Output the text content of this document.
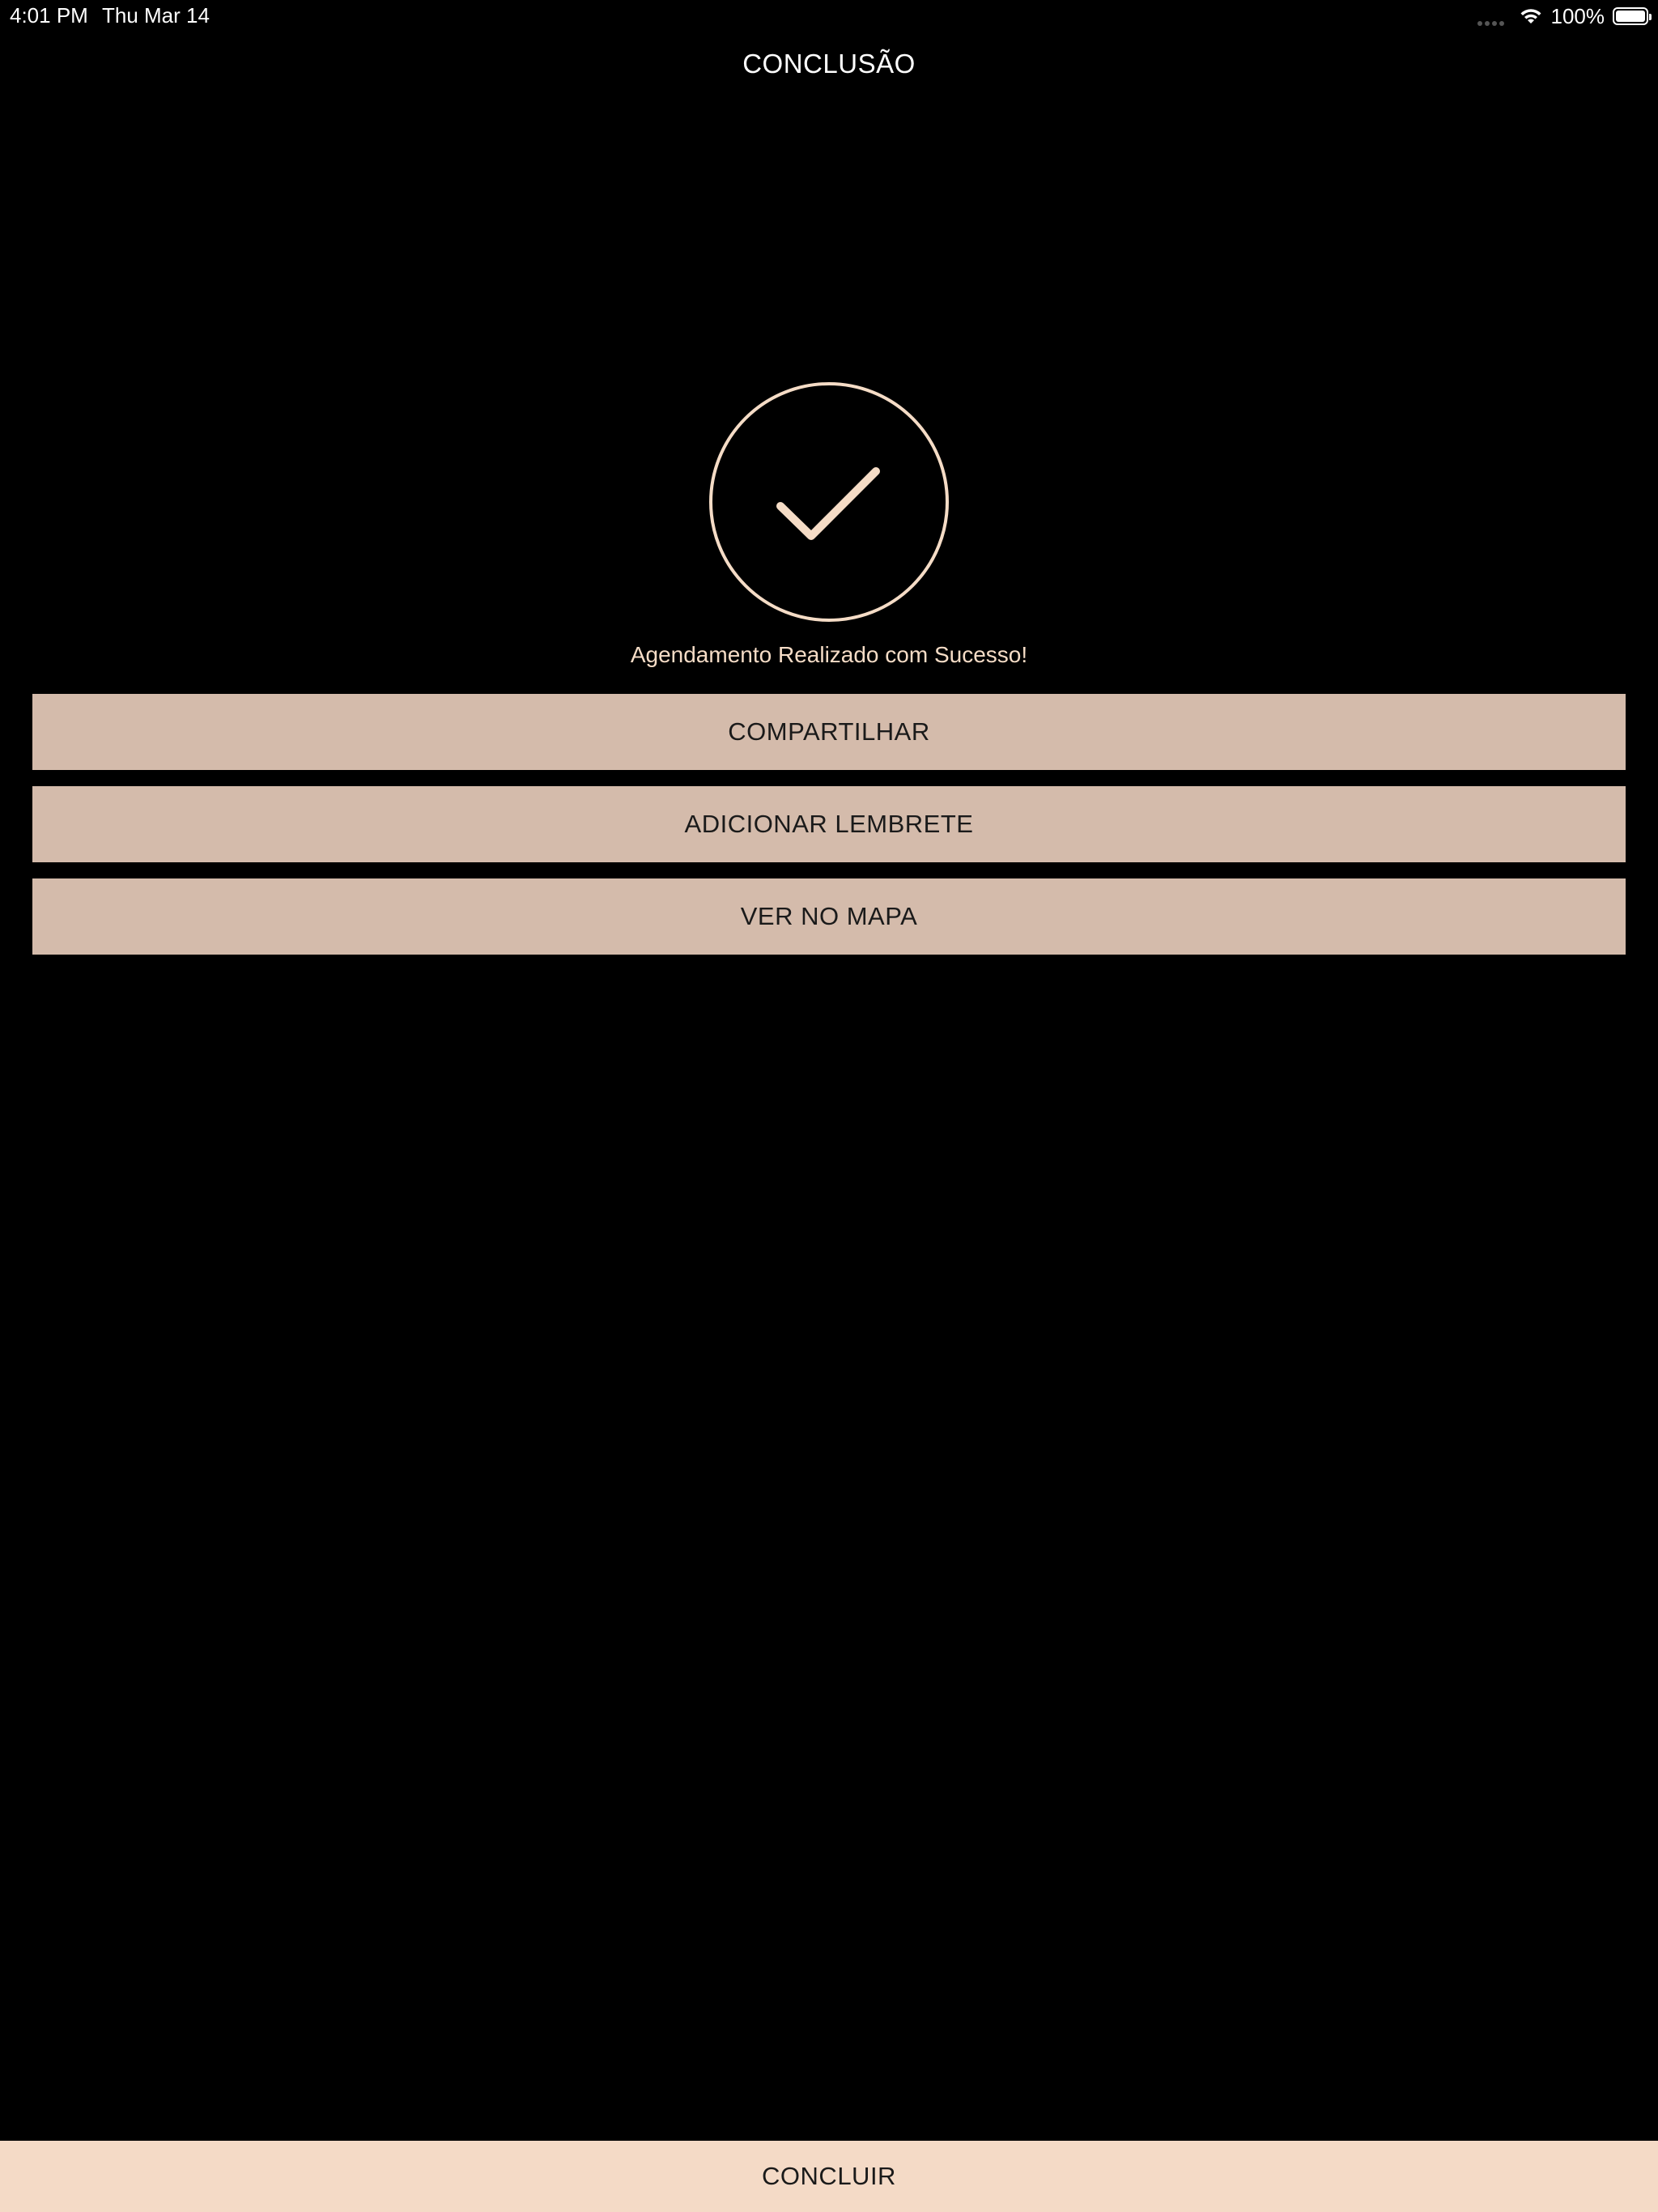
4:01 PM Thu Mar 14	100%
CONCLUSÃO
Agendamento Realizado com Sucesso!
COMPARTILHAR
ADICIONAR LEMBRETE
VER NO MAPA
CONCLUIR
